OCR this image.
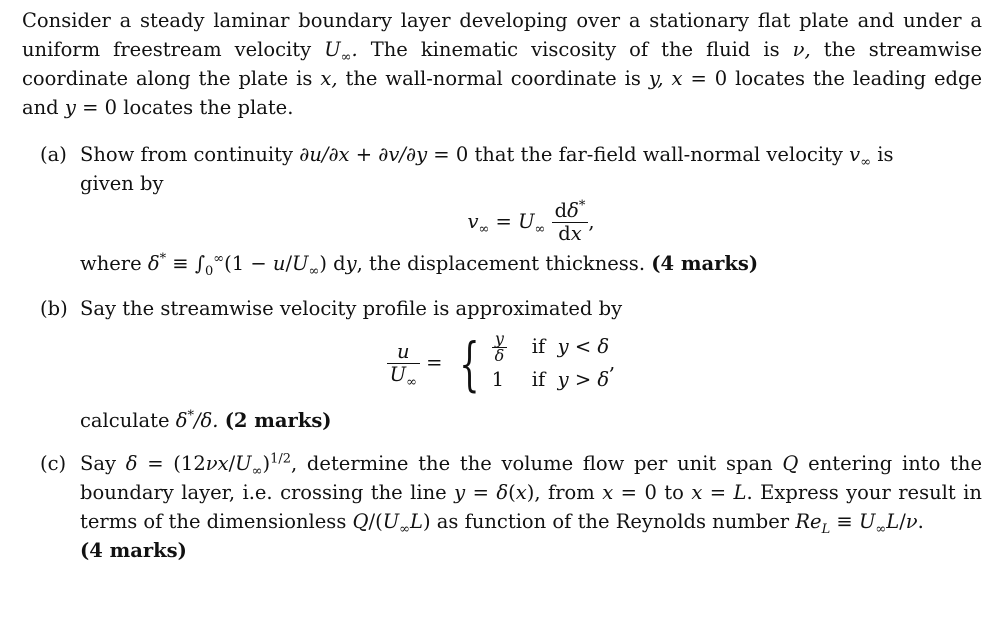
Consider a steady laminar boundary layer developing over a stationary flat plate and under a uniform freestream velocity $U_\infty$. The kinematic viscosity of the fluid is ν, the streamwise coordinate along the plate is x, the wall-normal coordinate is y, x = 0 locates the leading edge and y = 0 locates the plate.

(a) Show from continuity ∂u/∂x + ∂v/∂y = 0 that the far-field wall-normal velocity $v_\infty$ is
given by
$v_\infty = U_\infty \frac{d\delta^*}{dx}$ ,
where $\delta^* \equiv \int_0^\infty(1 - u/U_\infty)$ dy, the displacement thickness. (4 marks)
(b) Say the streamwise velocity profile is approximated by
$\frac{u}{U_\infty}$ = { $\frac{y}{\delta}$ if y < δ
1 if y > δ
,
calculate δ*/δ. (2 marks)
(c) Say $\delta = (12\nu x/U_\infty)^{1/2}$, determine the the volume flow per unit span Q entering into the boundary layer, i.e. crossing the line y = δ(x), from x = 0 to x = L. Express your result in terms of the dimensionless $Q/(U_\infty L)$ as function of the Reynolds number $Re_L \equiv U_\infty L/\nu$.
(4 marks)
